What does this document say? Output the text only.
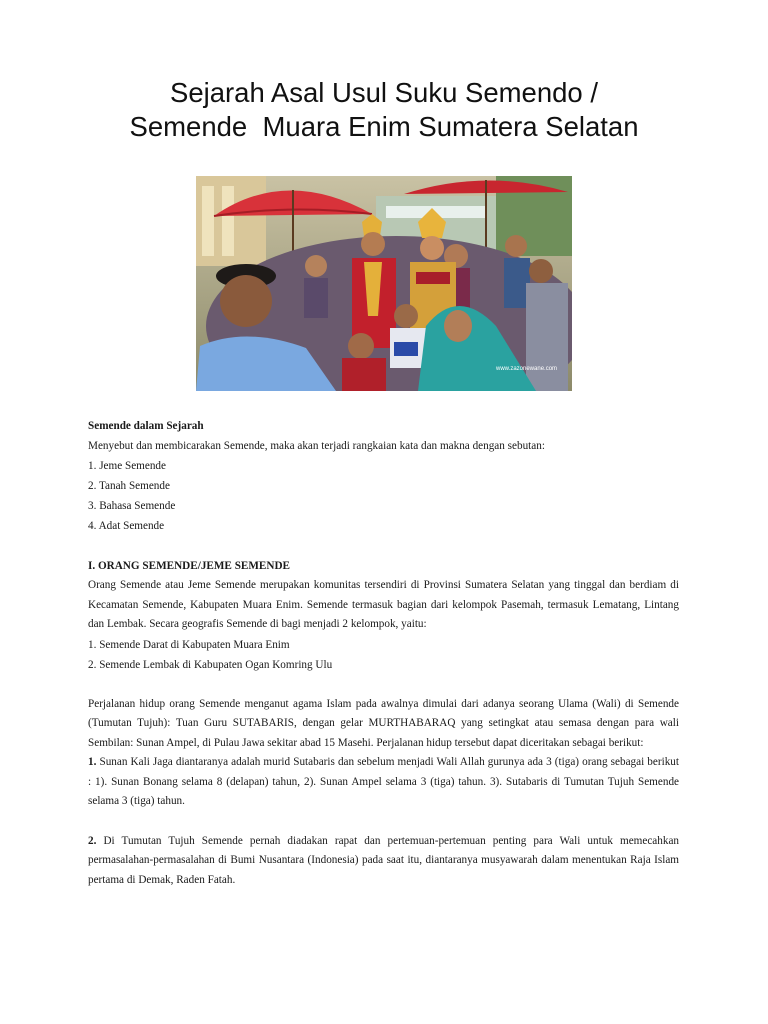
Sejarah Asal Usul Suku Semendo /
Semende  Muara Enim Sumatera Selatan
www.zazonewane.com
Semende dalam Sejarah
Menyebut dan membicarakan Semende, maka akan terjadi rangkaian kata dan makna dengan sebutan:
1. Jeme Semende
2. Tanah Semende
3. Bahasa Semende
4. Adat Semende
I. ORANG SEMENDE/JEME SEMENDE

Orang Semende atau Jeme Semende merupakan komunitas tersendiri di Provinsi Sumatera Selatan yang tinggal dan berdiam di Kecamatan Semende, Kabupaten Muara Enim. Semende termasuk bagian dari kelompok Pasemah, termasuk Lematang, Lintang dan Lembak. Secara geografis Semende di bagi menjadi 2 kelompok, yaitu:

1. Semende Darat di Kabupaten Muara Enim
2. Semende Lembak di Kabupaten Ogan Komring Ulu

Perjalanan hidup orang Semende menganut agama Islam pada awalnya dimulai dari adanya seorang Ulama (Wali) di Semende (Tumutan Tujuh): Tuan Guru SUTABARIS, dengan gelar MURTHABARAQ yang setingkat atau semasa dengan para wali Sembilan: Sunan Ampel, di Pulau Jawa sekitar abad 15 Masehi. Perjalanan hidup tersebut dapat diceritakan sebagai berikut:

1. Sunan Kali Jaga diantaranya adalah murid Sutabaris dan sebelum menjadi Wali Allah gurunya ada 3 (tiga) orang sebagai berikut : 1). Sunan Bonang selama 8 (delapan) tahun, 2). Sunan Ampel selama 3 (tiga) tahun. 3). Sutabaris di Tumutan Tujuh Semende selama 3 (tiga) tahun.

2. Di Tumutan Tujuh Semende pernah diadakan rapat dan pertemuan-pertemuan penting para Wali untuk memecahkan permasalahan-permasalahan di Bumi Nusantara (Indonesia) pada saat itu, diantaranya musyawarah dalam menentukan Raja Islam pertama di Demak, Raden Fatah.
